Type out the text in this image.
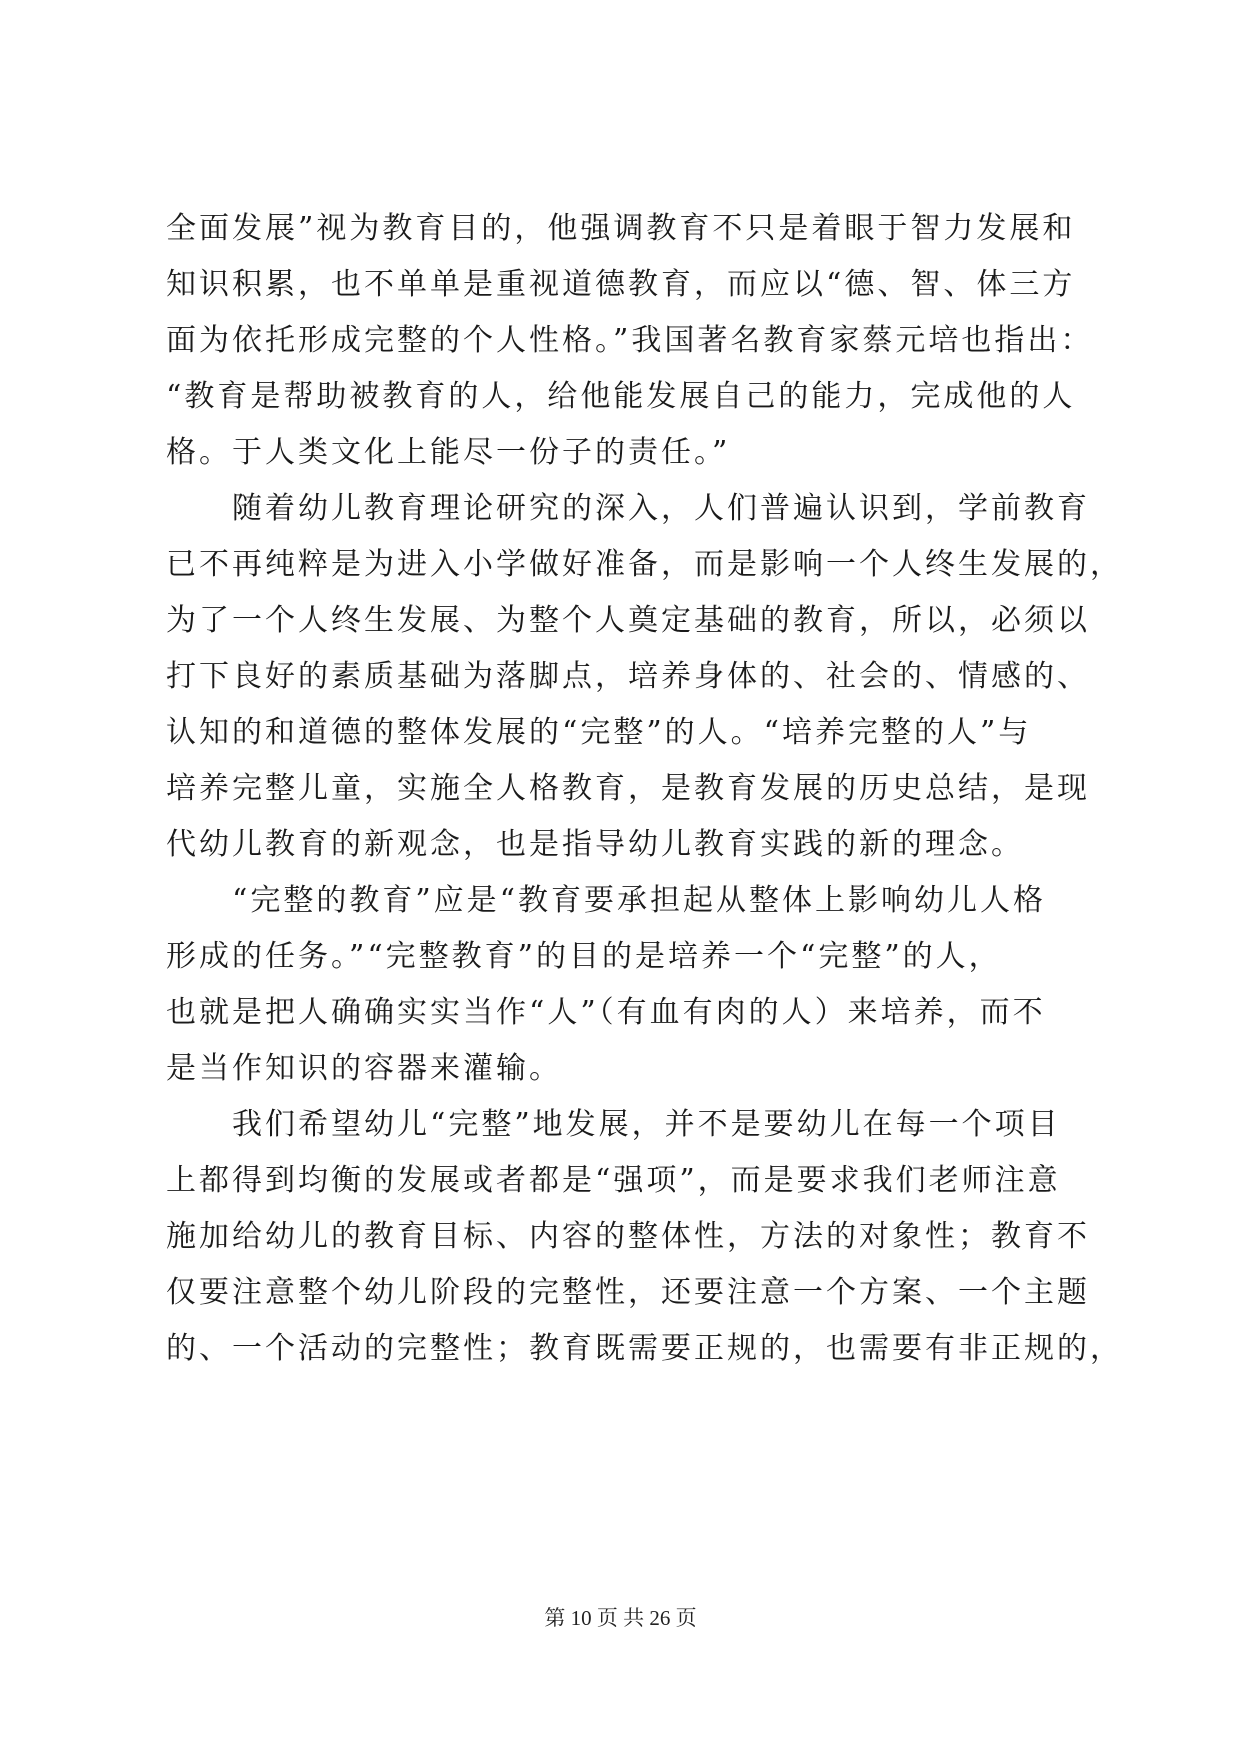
全面发展”视为教育目的，他强调教育不只是着眼于智力发展和
知识积累，也不单单是重视道德教育，而应以“德、智、体三方
面为依托形成完整的个人性格。”我国著名教育家蔡元培也指出：
“教育是帮助被教育的人，给他能发展自己的能力，完成他的人
格。于人类文化上能尽一份子的责任。”
　　随着幼儿教育理论研究的深入，人们普遍认识到，学前教育
已不再纯粹是为进入小学做好准备，而是影响一个人终生发展的，
为了一个人终生发展、为整个人奠定基础的教育，所以，必须以
打下良好的素质基础为落脚点，培养身体的、社会的、情感的、
认知的和道德的整体发展的“完整”的人。“培养完整的人”与
培养完整儿童，实施全人格教育，是教育发展的历史总结，是现
代幼儿教育的新观念，也是指导幼儿教育实践的新的理念。
　　“完整的教育”应是“教育要承担起从整体上影响幼儿人格
形成的任务。”“完整教育”的目的是培养一个“完整”的人，
也就是把人确确实实当作“人”（有血有肉的人）来培养，而不
是当作知识的容器来灌输。
　　我们希望幼儿“完整”地发展，并不是要幼儿在每一个项目
上都得到均衡的发展或者都是“强项”，而是要求我们老师注意
施加给幼儿的教育目标、内容的整体性，方法的对象性；教育不
仅要注意整个幼儿阶段的完整性，还要注意一个方案、一个主题
的、一个活动的完整性；教育既需要正规的，也需要有非正规的，
第 10 页 共 26 页
